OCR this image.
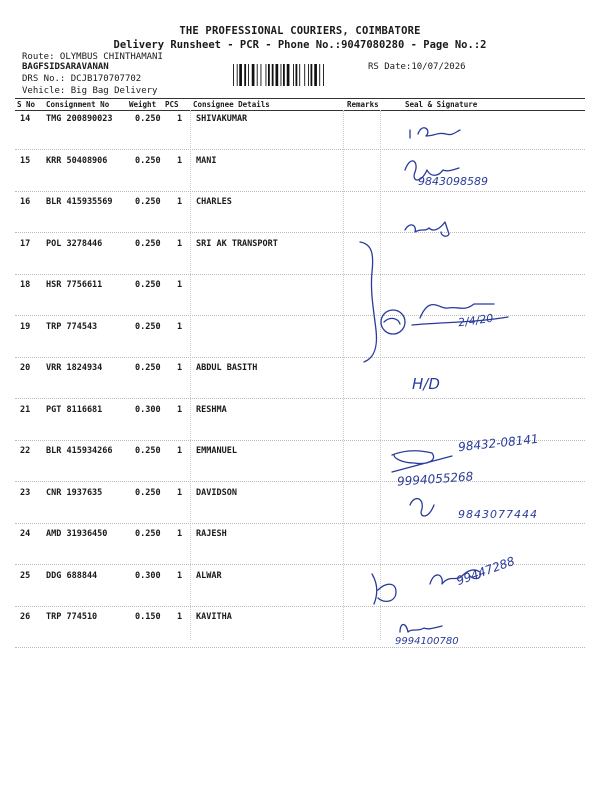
THE PROFESSIONAL COURIERS, COIMBATORE
Delivery Runsheet - PCR - Phone No.:9047080280 - Page No.:2
Route: OLYMBUS CHINTHAMANI
BAGFSIDSARAVANAN
DRS No.: DCJB170707702
Vehicle: Big Bag Delivery
RS Date:10/07/2026
S No Consignment No	Weight PCS Consignee Details	Remarks	Seal & Signature
14 TMG 200890023	0.250 1 SHIVAKUMAR
15 KRR 50408906	0.250 1 MANI
16 BLR 415935569	0.250 1 CHARLES
17 POL 3278446	0.250 1 SRI AK TRANSPORT
18 HSR 7756611	0.250 1
19 TRP 774543	0.250 1
20 VRR 1824934	0.250 1 ABDUL BASITH
21 PGT 8116681	0.300 1 RESHMA
22 BLR 415934266	0.250 1 EMMANUEL
23 CNR 1937635	0.250 1 DAVIDSON
24 AMD 31936450	0.250 1 RAJESH
25 DDG 688844	0.300 1 ALWAR
26 TRP 774510	0.150 1 KAVITHA
9843098589
2/4/20
H/D
98432-08141
9994055268
9843077444
99447288
9994100780
